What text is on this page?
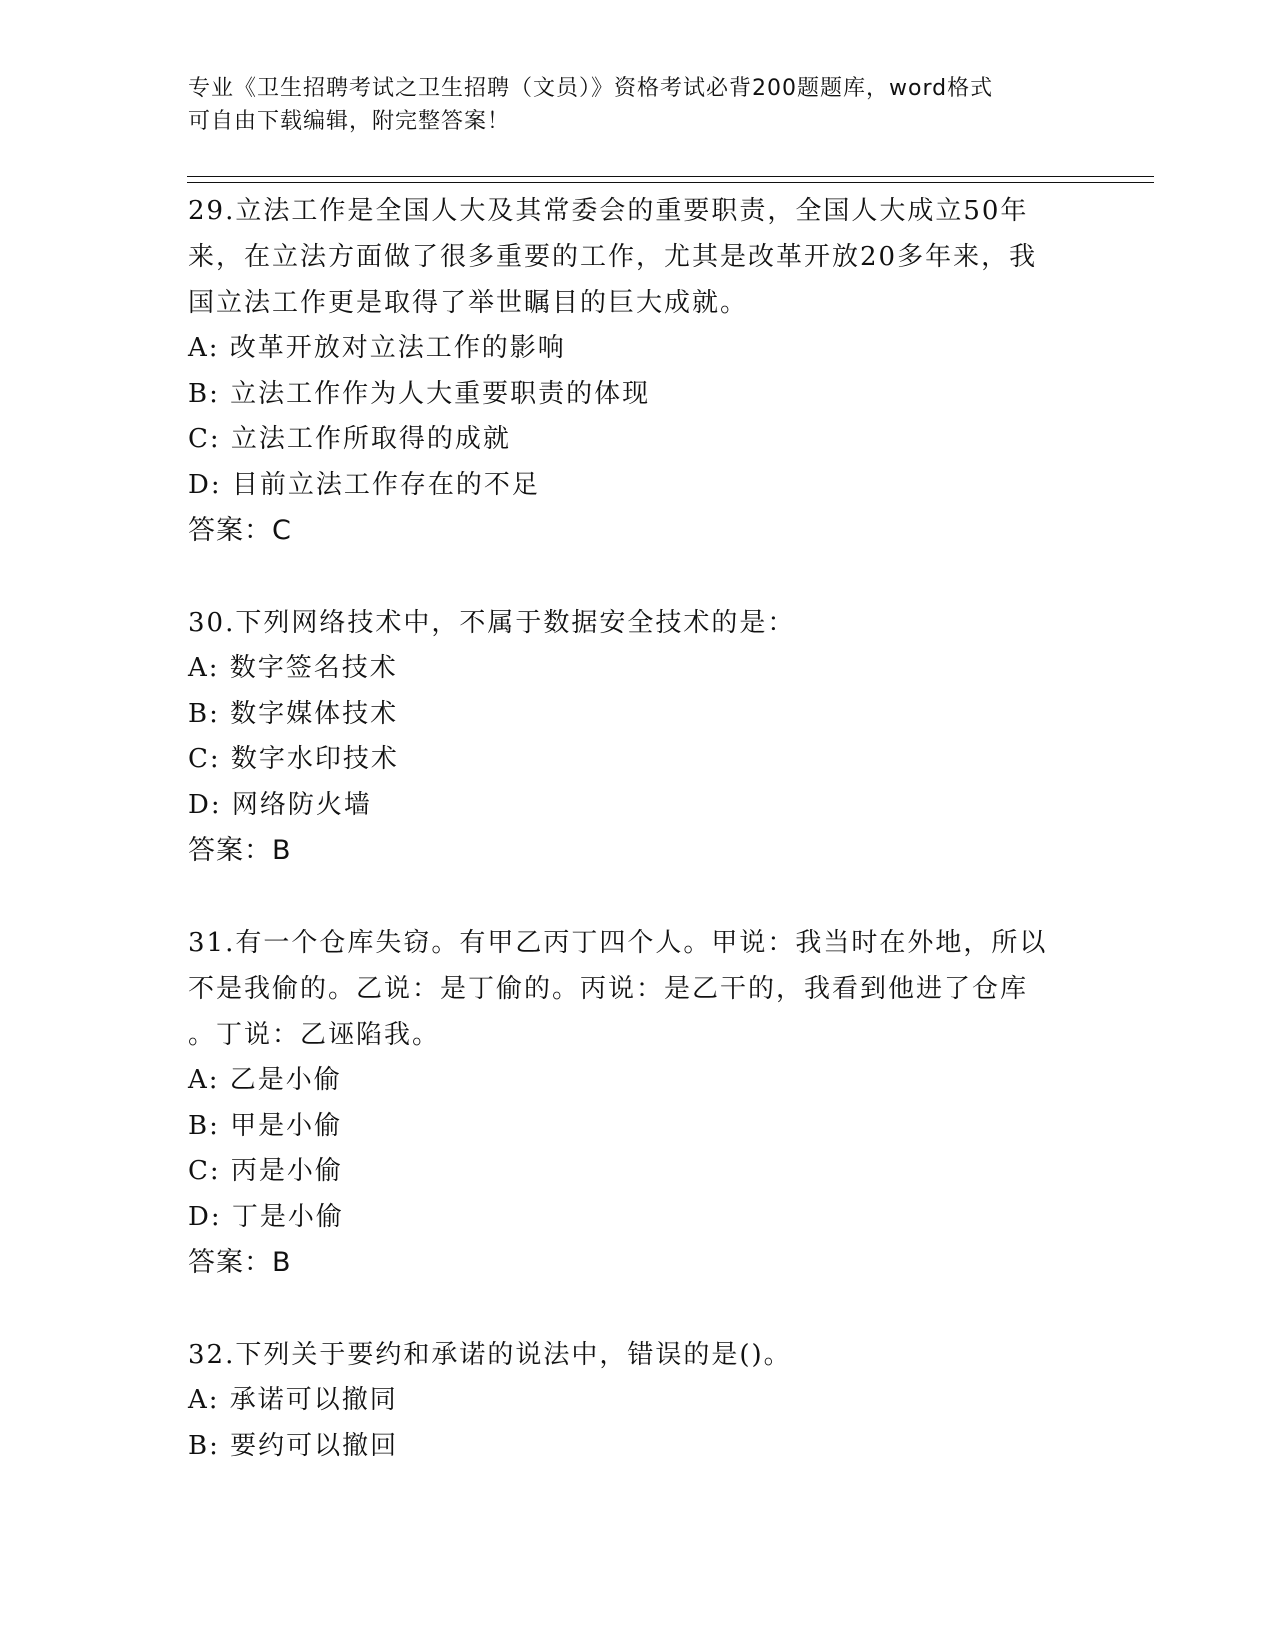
专业《卫生招聘考试之卫生招聘（文员）》资格考试必背200题题库，word格式
可自由下载编辑，附完整答案！
29.立法工作是全国人大及其常委会的重要职责，全国人大成立50年
来，在立法方面做了很多重要的工作，尤其是改革开放20多年来，我
国立法工作更是取得了举世瞩目的巨大成就。
A: 改革开放对立法工作的影响
B: 立法工作作为人大重要职责的体现
C: 立法工作所取得的成就
D: 目前立法工作存在的不足
答案：C
30.下列网络技术中，不属于数据安全技术的是：
A: 数字签名技术
B: 数字媒体技术
C: 数字水印技术
D: 网络防火墙
答案：B
31.有一个仓库失窃。有甲乙丙丁四个人。甲说：我当时在外地，所以
不是我偷的。乙说：是丁偷的。丙说：是乙干的，我看到他进了仓库
。丁说：乙诬陷我。
A: 乙是小偷
B: 甲是小偷
C: 丙是小偷
D: 丁是小偷
答案：B
32.下列关于要约和承诺的说法中，错误的是()。
A: 承诺可以撤同
B: 要约可以撤回
